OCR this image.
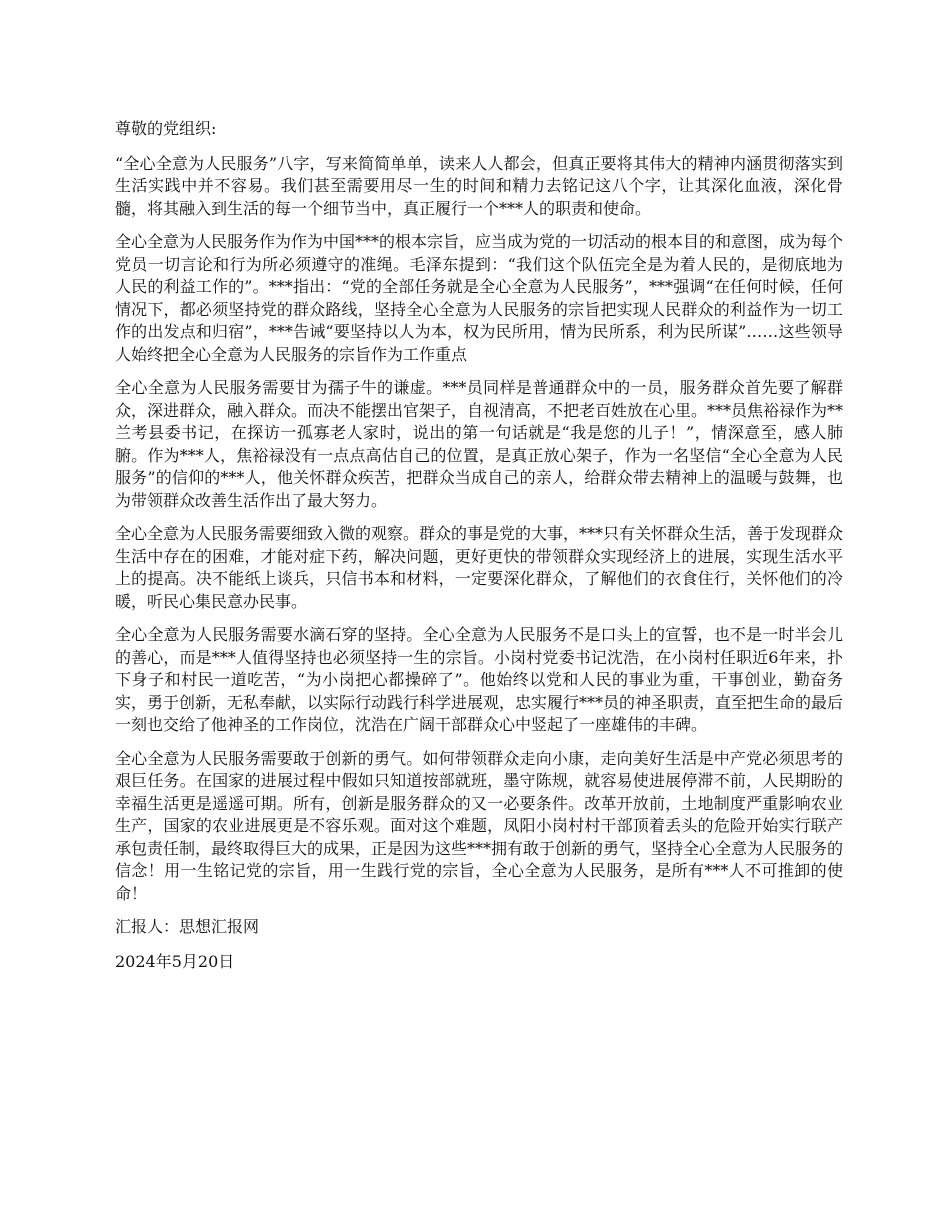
尊敬的党组织:

“全心全意为人民服务”八字，写来简简单单，读来人人都会，但真正要将其伟大的精神内涵贯彻落实到生活实践中并不容易。我们甚至需要用尽一生的时间和精力去铭记这八个字，让其深化血液，深化骨髓，将其融入到生活的每一个细节当中，真正履行一个***人的职责和使命。

全心全意为人民服务作为作为中国***的根本宗旨，应当成为党的一切活动的根本目的和意图，成为每个党员一切言论和行为所必须遵守的准绳。毛泽东提到：“我们这个队伍完全是为着人民的，是彻底地为人民的利益工作的”。***指出：“党的全部任务就是全心全意为人民服务”，***强调“在任何时候，任何情况下，都必须坚持党的群众路线，坚持全心全意为人民服务的宗旨把实现人民群众的利益作为一切工作的出发点和归宿”，***告诫“要坚持以人为本，权为民所用，情为民所系，利为民所谋”……这些领导人始终把全心全意为人民服务的宗旨作为工作重点

全心全意为人民服务需要甘为孺子牛的谦虚。***员同样是普通群众中的一员，服务群众首先要了解群众，深进群众，融入群众。而决不能摆出官架子，自视清高，不把老百姓放在心里。***员焦裕禄作为**兰考县委书记，在探访一孤寡老人家时，说出的第一句话就是“我是您的儿子！”，情深意至，感人肺腑。作为***人，焦裕禄没有一点点高估自己的位置，是真正放心架子，作为一名坚信“全心全意为人民服务”的信仰的***人，他关怀群众疾苦，把群众当成自己的亲人，给群众带去精神上的温暖与鼓舞，也为带领群众改善生活作出了最大努力。

全心全意为人民服务需要细致入微的观察。群众的事是党的大事，***只有关怀群众生活，善于发现群众生活中存在的困难，才能对症下药，解决问题，更好更快的带领群众实现经济上的进展，实现生活水平上的提高。决不能纸上谈兵，只信书本和材料，一定要深化群众，了解他们的衣食住行，关怀他们的冷暖，听民心集民意办民事。

全心全意为人民服务需要水滴石穿的坚持。全心全意为人民服务不是口头上的宣誓，也不是一时半会儿的善心，而是***人值得坚持也必须坚持一生的宗旨。小岗村党委书记沈浩，在小岗村任职近6年来，扑下身子和村民一道吃苦，“为小岗把心都操碎了”。他始终以党和人民的事业为重，干事创业，勤奋务实，勇于创新，无私奉献，以实际行动践行科学进展观，忠实履行***员的神圣职责，直至把生命的最后一刻也交给了他神圣的工作岗位，沈浩在广阔干部群众心中竖起了一座雄伟的丰碑。

全心全意为人民服务需要敢于创新的勇气。如何带领群众走向小康，走向美好生活是中产党必须思考的艰巨任务。在国家的进展过程中假如只知道按部就班，墨守陈规，就容易使进展停滞不前，人民期盼的幸福生活更是遥遥可期。所有，创新是服务群众的又一必要条件。改革开放前，土地制度严重影响农业生产，国家的农业进展更是不容乐观。面对这个难题，凤阳小岗村村干部顶着丢头的危险开始实行联产承包责任制，最终取得巨大的成果，正是因为这些***拥有敢于创新的勇气，坚持全心全意为人民服务的信念！用一生铭记党的宗旨，用一生践行党的宗旨，全心全意为人民服务，是所有***人不可推卸的使命！

汇报人：思想汇报网

2024年5月20日
